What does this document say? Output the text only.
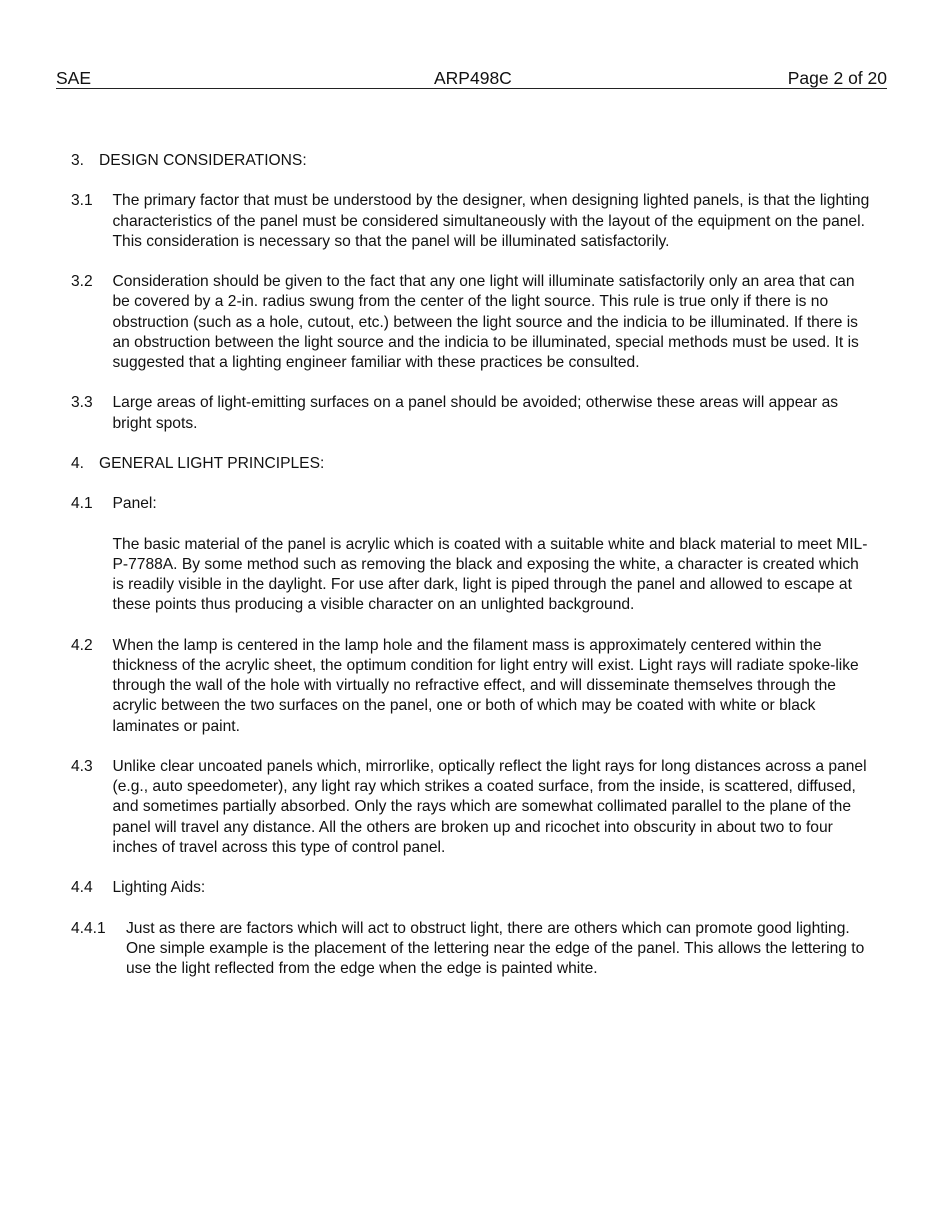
SAE	ARP498C	Page 2 of 20
3. DESIGN CONSIDERATIONS:
3.1	The primary factor that must be understood by the designer, when designing lighted panels, is that the lighting characteristics of the panel must be considered simultaneously with the layout of the equipment on the panel. This consideration is necessary so that the panel will be illuminated satisfactorily.
3.2	Consideration should be given to the fact that any one light will illuminate satisfactorily only an area that can be covered by a 2-in. radius swung from the center of the light source. This rule is true only if there is no obstruction (such as a hole, cutout, etc.) between the light source and the indicia to be illuminated. If there is an obstruction between the light source and the indicia to be illuminated, special methods must be used. It is suggested that a lighting engineer familiar with these practices be consulted.
3.3	Large areas of light-emitting surfaces on a panel should be avoided; otherwise these areas will appear as bright spots.
4. GENERAL LIGHT PRINCIPLES:
4.1	Panel:
The basic material of the panel is acrylic which is coated with a suitable white and black material to meet MIL-P-7788A. By some method such as removing the black and exposing the white, a character is created which is readily visible in the daylight. For use after dark, light is piped through the panel and allowed to escape at these points thus producing a visible character on an unlighted background.
4.2	When the lamp is centered in the lamp hole and the filament mass is approximately centered within the thickness of the acrylic sheet, the optimum condition for light entry will exist. Light rays will radiate spoke-like through the wall of the hole with virtually no refractive effect, and will disseminate themselves through the acrylic between the two surfaces on the panel, one or both of which may be coated with white or black laminates or paint.
4.3	Unlike clear uncoated panels which, mirrorlike, optically reflect the light rays for long distances across a panel (e.g., auto speedometer), any light ray which strikes a coated surface, from the inside, is scattered, diffused, and sometimes partially absorbed. Only the rays which are somewhat collimated parallel to the plane of the panel will travel any distance. All the others are broken up and ricochet into obscurity in about two to four inches of travel across this type of control panel.
4.4	Lighting Aids:
4.4.1	Just as there are factors which will act to obstruct light, there are others which can promote good lighting. One simple example is the placement of the lettering near the edge of the panel. This allows the lettering to use the light reflected from the edge when the edge is painted white.
